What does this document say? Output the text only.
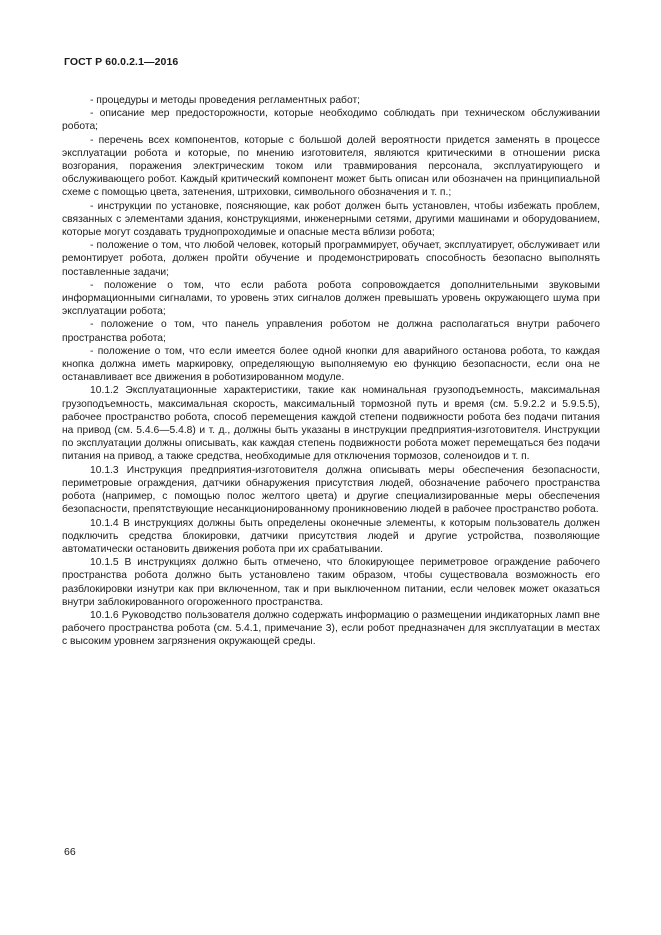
ГОСТ Р 60.0.2.1—2016

- процедуры и методы проведения регламентных работ;

- описание мер предосторожности, которые необходимо соблюдать при техническом обслуживании робота;

- перечень всех компонентов, которые с большой долей вероятности придется заменять в процессе эксплуатации робота и которые, по мнению изготовителя, являются критическими в отношении риска возгорания, поражения электрическим током или травмирования персонала, эксплуатирующего и обслуживающего робот. Каждый критический компонент может быть описан или обозначен на принципиальной схеме с помощью цвета, затенения, штриховки, символьного обозначения и т. п.;

- инструкции по установке, поясняющие, как робот должен быть установлен, чтобы избежать проблем, связанных с элементами здания, конструкциями, инженерными сетями, другими машинами и оборудованием, которые могут создавать труднопроходимые и опасные места вблизи робота;

- положение о том, что любой человек, который программирует, обучает, эксплуатирует, обслуживает или ремонтирует робота, должен пройти обучение и продемонстрировать способность безопасно выполнять поставленные задачи;

- положение о том, что если работа робота сопровождается дополнительными звуковыми информационными сигналами, то уровень этих сигналов должен превышать уровень окружающего шума при эксплуатации робота;

- положение о том, что панель управления роботом не должна располагаться внутри рабочего пространства робота;

- положение о том, что если имеется более одной кнопки для аварийного останова робота, то каждая кнопка должна иметь маркировку, определяющую выполняемую ею функцию безопасности, если она не останавливает все движения в роботизированном модуле.

10.1.2 Эксплуатационные характеристики, такие как номинальная грузоподъемность, максимальная грузоподъемность, максимальная скорость, максимальный тормозной путь и время (см. 5.9.2.2 и 5.9.5.5), рабочее пространство робота, способ перемещения каждой степени подвижности робота без подачи питания на привод (см. 5.4.6—5.4.8) и т. д., должны быть указаны в инструкции предприятия-изготовителя. Инструкции по эксплуатации должны описывать, как каждая степень подвижности робота может перемещаться без подачи питания на привод, а также средства, необходимые для отключения тормозов, соленоидов и т. п.

10.1.3 Инструкция предприятия-изготовителя должна описывать меры обеспечения безопасности, периметровые ограждения, датчики обнаружения присутствия людей, обозначение рабочего пространства робота (например, с помощью полос желтого цвета) и другие специализированные меры обеспечения безопасности, препятствующие несанкционированному проникновению людей в рабочее пространство робота.

10.1.4 В инструкциях должны быть определены оконечные элементы, к которым пользователь должен подключить средства блокировки, датчики присутствия людей и другие устройства, позволяющие автоматически остановить движения робота при их срабатывании.

10.1.5 В инструкциях должно быть отмечено, что блокирующее периметровое ограждение рабочего пространства робота должно быть установлено таким образом, чтобы существовала возможность его разблокировки изнутри как при включенном, так и при выключенном питании, если человек может оказаться внутри заблокированного огороженного пространства.

10.1.6 Руководство пользователя должно содержать информацию о размещении индикаторных ламп вне рабочего пространства робота (см. 5.4.1, примечание 3), если робот предназначен для эксплуатации в местах с высоким уровнем загрязнения окружающей среды.

66
